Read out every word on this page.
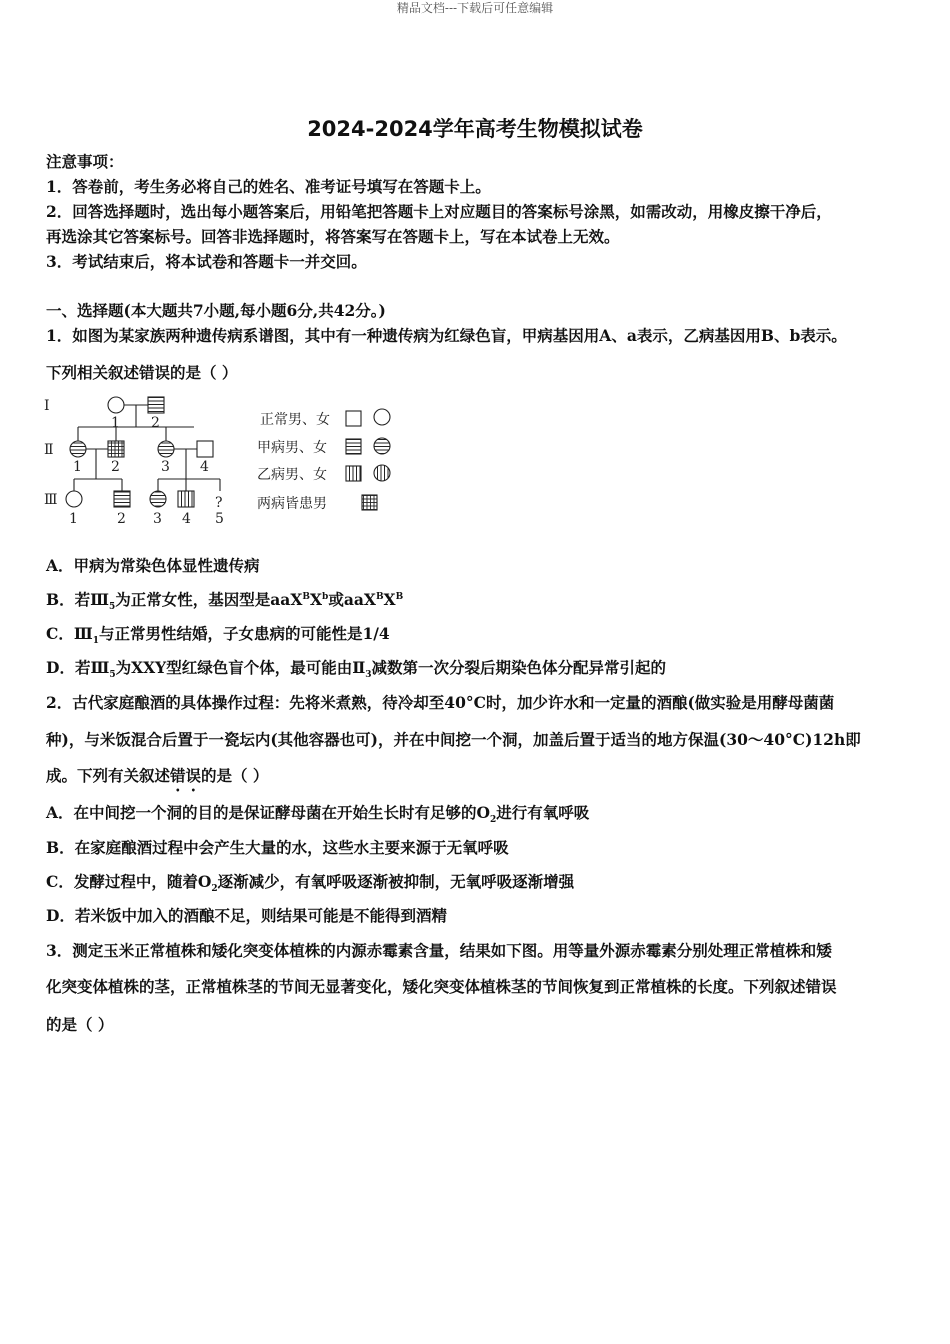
精品文档---下载后可任意编辑
2024-2024学年高考生物模拟试卷
注意事项：
1．答卷前，考生务必将自己的姓名、准考证号填写在答题卡上。
2．回答选择题时，选出每小题答案后，用铅笔把答题卡上对应题目的答案标号涂黑，如需改动，用橡皮擦干净后，
再选涂其它答案标号。回答非选择题时，将答案写在答题卡上，写在本试卷上无效。
3．考试结束后，将本试卷和答题卡一并交回。
一、选择题(本大题共7小题,每小题6分,共42分。)
1．如图为某家族两种遗传病系谱图，其中有一种遗传病为红绿色盲，甲病基因用A、a表示，乙病基因用B、b表示。
下列相关叙述错误的是（ ）
Ⅰ
Ⅱ
Ⅲ
1 2
1 2	3 4
1	2 3 4
?
5
正常男、女
甲病男、女
乙病男、女
两病皆患男
A．甲病为常染色体显性遗传病
B．若$Ⅲ_5$为正常女性，基因型是$aaX^BX^b$或$aaX^BX^B$
C．$Ⅲ_1$与正常男性结婚，子女患病的可能性是1/4
D．若$Ⅲ_5$为XXY型红绿色盲个体，最可能由$Ⅱ_3$减数第一次分裂后期染色体分配异常引起的
2．古代家庭酿酒的具体操作过程：先将米煮熟，待冷却至40°C时，加少许水和一定量的酒酿(做实验是用酵母菌菌
种)，与米饭混合后置于一瓷坛内(其他容器也可)，并在中间挖一个洞，加盖后置于适当的地方保温(30～40°C)12h即
成。下列有关叙述错误的是（ ）
A．在中间挖一个洞的目的是保证酵母菌在开始生长时有足够的$O_2$进行有氧呼吸
B．在家庭酿酒过程中会产生大量的水，这些水主要来源于无氧呼吸
C．发酵过程中，随着$O_2$逐渐减少，有氧呼吸逐渐被抑制，无氧呼吸逐渐增强
D．若米饭中加入的酒酿不足，则结果可能是不能得到酒精
3．测定玉米正常植株和矮化突变体植株的内源赤霉素含量，结果如下图。用等量外源赤霉素分别处理正常植株和矮
化突变体植株的茎，正常植株茎的节间无显著变化，矮化突变体植株茎的节间恢复到正常植株的长度。下列叙述错误
的是（ ）
